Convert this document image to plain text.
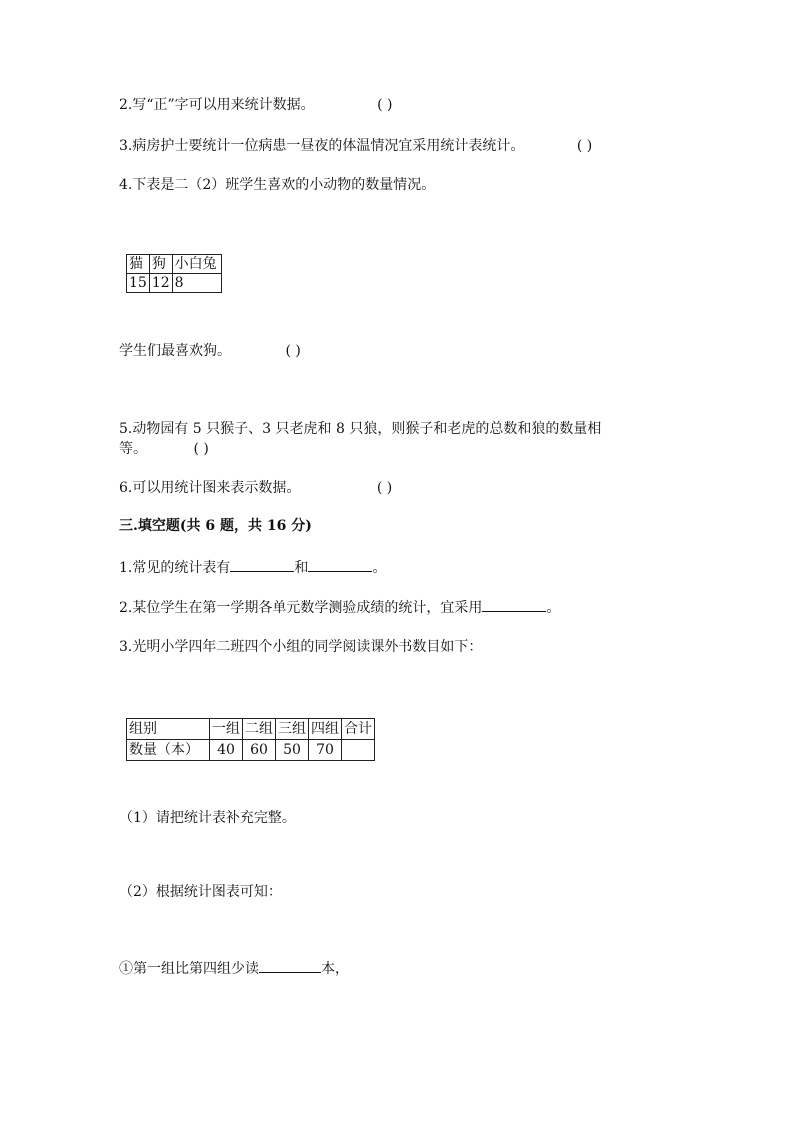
2.写“正”字可以用来统计数据。	( )
3.病房护士要统计一位病患一昼夜的体温情况宜采用统计表统计。	( )
4.下表是二（2）班学生喜欢的小动物的数量情况。
猫	狗	小白兔
15	12	8
学生们最喜欢狗。	( )
5.动物园有 5 只猴子、3 只老虎和 8 只狼，则猴子和老虎的总数和狼的数量相
等。	( )
6.可以用统计图来表示数据。	( )
三.填空题(共 6 题，共 16 分)
1.常见的统计表有	和	。
2.某位学生在第一学期各单元数学测验成绩的统计，宜采用	。
3.光明小学四年二班四个小组的同学阅读课外书数目如下：
组别	一组	二组	三组	四组	合计
数量（本）	40	60	50	70	
（1）请把统计表补充完整。
（2）根据统计图表可知：
①第一组比第四组少读	本，
